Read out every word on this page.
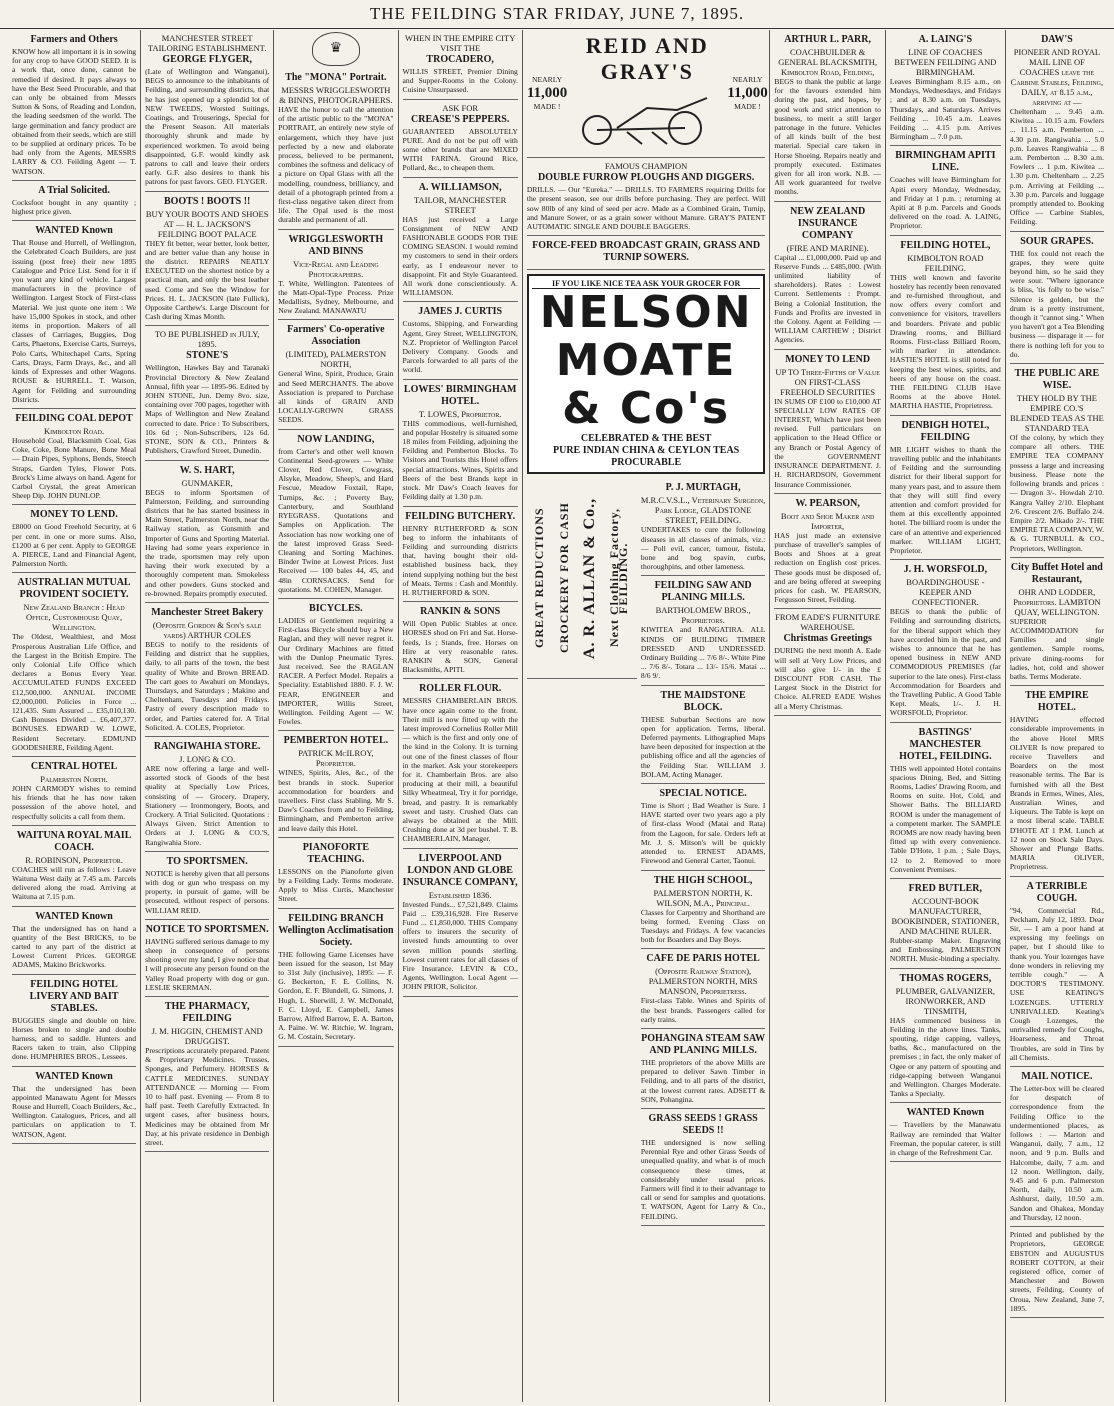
THE FEILDING STAR FRIDAY, JUNE 7, 1895.
Farmers and Others
KNOW how all important it is in sowing for any crop to have GOOD SEED. It is a work that, once done, cannot be remedied if desired. It pays always to have the Best Seed Procurable, and that can only be obtained from Messrs Sutton & Sons, of Reading and London, the leading seedsmen of the world. The large germination and fancy product are obtained from their seeds, which are still to be supplied at ordinary prices. To be had only from the Agents, MESSRS LARRY & CO. Feilding Agent — T. WATSON.
A Trial Solicited.
Cocksfoot bought in any quantity ; highest price given.
WANTED Known
That Rouse and Hurrell, of Wellington, the Celebrated Coach Builders, are just issuing (post free) their new 1895 Catalogue and Price List. Send for it if you want any kind of vehicle. Largest manufacturers in the province of Wellington. Largest Stock of First-class Material. We just quote one item : We have 15,000 Spokes in stock, and other items in proportion. Makers of all classes of Carriages, Buggies, Dog Carts, Phaetons, Exercise Carts, Surreys, Polo Carts, Whitechapel Carts, Spring Carts, Drays, Farm Drays, &c., and all kinds of Expresses and other Wagons. ROUSE & HURRELL. T. Watson, Agent for Feilding and surrounding Districts.
FEILDING COAL DEPOT
Kimbolton Road.
Household Coal, Blacksmith Coal, Gas Coke, Coke, Bone Manure, Bone Meal — Drain Pipes, Syphons, Bends, Steech Straps, Garden Tyles, Flower Pots. Brock's Lime always on hand. Agent for Carbol Crystal, the great American Sheep Dip. JOHN DUNLOP.
MONEY TO LEND.
£8000 on Good Freehold Security, at 6 per cent. in one or more sums. Also, £1200 at 6 per cent. Apply to GEORGE A. PIERCE, Land and Financial Agent, Palmerston North.
AUSTRALIAN MUTUAL PROVIDENT SOCIETY.
New Zealand Branch : Head Office, Customhouse Quay, Wellington.
The Oldest, Wealthiest, and Most Prosperous Australian Life Office, and the Largest in the British Empire. The only Colonial Life Office which declares a Bonus Every Year. ACCUMULATED FUNDS EXCEED £12,500,000. ANNUAL INCOME £2,000,000. Policies in Force ... 121,435. Sum Assured ... £35,010,130. Cash Bonuses Divided ... £6,407,377. BONUSES. EDWARD W. LOWE, Resident Secretary. EDMUND GOODESHERE, Feilding Agent.
CENTRAL HOTEL
Palmerston North.
JOHN CARMODY wishes to remind his friends that he has now taken possession of the above hotel, and respectfully solicits a call from them.
WAITUNA ROYAL MAIL COACH.
R. ROBINSON, Proprietor.
COACHES will run as follows : Leave Waituna West daily at 7.45 a.m. Parcels delivered along the road. Arriving at Waituna at 7.15 p.m.
WANTED Known
That the undersigned has on hand a quantity of the Best BRICKS, to be carted to any part of the district at Lowest Current Prices. GEORGE ADAMS, Makino Brickworks.
FEILDING HOTEL LIVERY AND BAIT STABLES.
BUGGIES single and double on hire. Horses broken to single and double harness, and to saddle. Hunters and Racers taken to train, also Clipping done. HUMPHRIES BROS., Lessees.
WANTED Known
That the undersigned has been appointed Manawatu Agent for Messrs Rouse and Hurrell, Coach Builders, &c., Wellington. Catalogues, Prices, and all particulars on application to T. WATSON, Agent.
MANCHESTER STREET TAILORING ESTABLISHMENT.
GEORGE FLYGER,
(Late of Wellington and Wanganui), BEGS to announce to the inhabitants of Feilding, and surrounding districts, that he has just opened up a splendid lot of NEW TWEEDS, Worsted Suitings, Coatings, and Trouserings, Special for the Present Season. All materials thoroughly shrunk and made by experienced workmen. To avoid being disappointed, G.F. would kindly ask patrons to call and leave their orders early. G.F. also desires to thank his patrons for past favors. GEO. FLYGER.
BOOTS ! BOOTS !!
BUY YOUR BOOTS AND SHOES AT — H. L. JACKSON'S FEILDING BOOT PALACE
THEY fit better, wear better, look better, and are better value than any house in the district. REPAIRS NEATLY EXECUTED on the shortest notice by a practical man, and only the best leather used. Come and See the Window for Prices. H. L. JACKSON (late Fullick), Opposite Carthew's. Large Discount for Cash during Xmas Month.
TO BE PUBLISHED in JULY, 1895.
STONE'S
Wellington, Hawkes Bay and Taranaki Provincial Directory & New Zealand Annual, fifth year — 1895-96. Edited by JOHN STONE, Jun. Demy 8vo. size, containing over 700 pages, together with Maps of Wellington and New Zealand corrected to date. Price : To Subscribers, 10s 6d ; Non-Subscribers, 12s 6d. STONE, SON & CO., Printers & Publishers, Crawford Street, Dunedin.
W. S. HART,
GUNMAKER,
BEGS to inform Sportsmen of Palmerston, Feilding, and surrounding districts that he has started business in Main Street, Palmerston North, near the Railway station, as Gunsmith and Importer of Guns and Sporting Material. Having had some years experience in the trade, sportsmen may rely upon having their work executed by a thoroughly competent man. Smokeless and other powders. Guns stocked and re-browned. Repairs promptly executed.
Manchester Street Bakery
(Opposite Gordon & Son's sale yards) ARTHUR COLES
BEGS to notify to the residents of Feilding and district that he supplies, daily, to all parts of the town, the best quality of White and Brown BREAD. The cart goes to Awahuri on Mondays, Thursdays, and Saturdays ; Makino and Cheltenham, Tuesdays and Fridays. Pastry of every description made to order, and Parties catered for. A Trial Solicited. A. COLES, Proprietor.
RANGIWAHIA STORE.
J. LONG & CO.
ARE now offering a large and well-assorted stock of Goods of the best quality at Specially Low Prices, consisting of — Grocery, Drapery, Stationery — Ironmongery, Boots, and Crockery. A Trial Solicited. Quotations : Always Given. Strict Attention to Orders at J. LONG & CO.'S, Rangiwahia Store.
TO SPORTSMEN.
NOTICE is hereby given that all persons with dog or gun who trespass on my property, in pursuit of game, will be prosecuted, without respect of persons. WILLIAM REID.
NOTICE TO SPORTSMEN.
HAVING suffered serious damage to my sheep in consequence of persons shooting over my land, I give notice that I will prosecute any person found on the Valley Road property with dog or gun. LESLIE SKERMAN.
THE PHARMACY, FEILDING
J. M. HIGGIN, CHEMIST AND DRUGGIST.
Prescriptions accurately prepared. Patent & Proprietary Medicines. Trusses, Sponges, and Perfumery. HORSES & CATTLE MEDICINES. SUNDAY ATTENDANCE — Morning — From 10 to half past. Evening — From 8 to half past. Teeth Carefully Extracted. In urgent cases, after business hours, Medicines may be obtained from Mr Day, at his private residence in Denbigh street.
♛
The "MONA" Portrait.
MESSRS WRIGGLESWORTH & BINNS, PHOTOGRAPHERS.
HAVE the honor to call the attention of the artistic public to the "MONA" PORTRAIT, an entirely new style of enlargement, which they have just perfected by a new and elaborate process, believed to be permanent, combines the softness and delicacy of a picture on Opal Glass with all the modelling, roundness, brilliancy, and detail of a photograph printed from a first-class negative taken direct from life. The Opal used is the most durable and permanent of all.
WRIGGLESWORTH AND BINNS
Vice-Regal and Leading Photographers.
T. White, Wellington. Patentees of the Matt-Opal-Type Process. Prize Medallists, Sydney, Melbourne, and New Zealand. MANAWATU
Farmers' Co-operative Association
(LIMITED), PALMERSTON NORTH,
General Wine, Spirit, Produce, Grain and Seed MERCHANTS. The above Association is prepared to Purchase all kinds of GRAIN AND LOCALLY-GROWN GRASS SEEDS.
NOW LANDING,
from Carter's and other well known Continental Seed-growers — White Clover, Red Clover, Cowgrass, Alsyke, Meadow, Sheep's, and Hard Fescue, Meadow Foxtail, Rape, Turnips, &c. ; Poverty Bay, Canterbury, and Southland RYEGRASS. Quotations and Samples on Application. The Association has now working one of the latest improved Grass Seed-Cleaning and Sorting Machines. Binder Twine at Lowest Prices. Just Received — 100 bales 44, 45, and 48in CORNSACKS. Send for quotations. M. COHEN, Manager.
BICYCLES.
LADIES or Gentlemen requiring a First-class Bicycle should buy a New Raglan, and they will never regret it. Our Ordinary Machines are fitted with the Dunlop Pneumatic Tyres. Just received. See the RAGLAN RACER. A Perfect Model. Repairs a Speciality. Established 1880. F. J. W. FEAR, ENGINEER and IMPORTER, Willis Street, Wellington. Feilding Agent — W. Fowles.
PEMBERTON HOTEL.
PATRICK McILROY, Proprietor.
WINES, Spirits, Ales, &c., of the best brands in stock. Superior accommodation for boarders and travellers. First class Stabling. Mr S. Daw's Coaches from and to Feilding, Birmingham, and Pemberton arrive and leave daily this Hotel.
PIANOFORTE TEACHING.
LESSONS on the Pianoforte given by a Feilding Lady. Terms moderate. Apply to Miss Curtis, Manchester Street.
FEILDING BRANCH Wellington Acclimatisation Society.
THE following Game Licenses have been issued for the season, 1st May to 31st July (inclusive), 1895: — F. G. Beckerton, F. E. Collins, N. Gordon, E. F. Blundell, G. Simons, J. Hugh, L. Sherwill, J. W. McDonald, F. C. Lloyd, E. Campbell, James Barrow, Alfred Barrow, E. A. Barton, A. Paine. W. W. Ritchie, W. Ingram, G. M. Costain, Secretary.
WHEN IN THE EMPIRE CITY VISIT THE
TROCADERO,
WILLIS STREET, Premier Dining and Supper-Rooms in the Colony. Cuisine Unsurpassed.
ASK FOR
CREASE'S PEPPERS.
GUARANTEED ABSOLUTELY PURE. And do not be put off with some other brands that are MIXED WITH FARINA. Ground Rice, Pollard, &c., to cheapen them.
A. WILLIAMSON,
TAILOR, MANCHESTER STREET
HAS just received a Large Consignment of NEW AND FASHIONABLE GOODS FOR THE COMING SEASON. I would remind my customers to send in their orders early, as I endeavour never to disappoint. Fit and Style Guaranteed. All work done conscientiously. A. WILLIAMSON.
JAMES J. CURTIS
Customs, Shipping, and Forwarding Agent, Grey Street, WELLINGTON, N.Z. Proprietor of Wellington Parcel Delivery Company. Goods and Parcels forwarded to all parts of the world.
LOWES' BIRMINGHAM HOTEL.
T. LOWES, Proprietor.
THIS commodious, well-furnished, and popular Hostelry is situated some 18 miles from Feilding, adjoining the Feilding and Pemberton Blocks. To Visitors and Tourists this Hotel offers special attractions. Wines, Spirits and Beers of the best Brands kept in stock. Mr Daw's Coach leaves for Feilding daily at 1.30 p.m.
FEILDING BUTCHERY.
HENRY RUTHERFORD & SON beg to inform the inhabitants of Feilding and surrounding districts that, having bought their old-established business back, they intend supplying nothing but the best of Meats. Terms : Cash and Monthly. H. RUTHERFORD & SON.
RANKIN & SONS
Will Open Public Stables at once. HORSES shod on Fri and Sat. Horse-feeds, 1s ; Stands, free. Horses on Hire at very reasonable rates. RANKIN & SON, General Blacksmiths, APITI.
ROLLER FLOUR.
MESSRS CHAMBERLAIN BROS. have once again come to the front. Their mill is now fitted up with the latest improved Cornelius Roller Mill — which is the first and only one of the kind in the Colony. It is turning out one of the finest classes of flour in the market. Ask your storekeepers for it. Chamberlain Bros. are also producing at their mill, a beautiful Silky Wheatmeal, Try it for porridge, bread, and pastry. It is remarkably sweet and tasty. Crushed Oats can always be obtained at the Mill. Crushing done at 3d per bushel. T. B. CHAMBERLAIN, Manager.
LIVERPOOL AND LONDON AND GLOBE INSURANCE COMPANY,
Established 1836.
Invested Funds... £7,521,849. Claims Paid ... £39,316,928. Fire Reserve Fund ... £1,850,000. THIS Company offers to insurers the security of invested funds amounting to over seven million pounds sterling. Lowest current rates for all classes of Fire Insurance. LEVIN & CO., Agents, Wellington. Local Agent — JOHN PRIOR, Solicitor.
NEARLY
11,000
MADE !
REID AND GRAY'S	NEARLY
11,000
MADE !
FAMOUS CHAMPION
DOUBLE FURROW PLOUGHS AND DIGGERS.
DRILLS. — Our "Eureka." — DRILLS. TO FARMERS requiring Drills for the present season, see our drills before purchasing. They are perfect. Will sow 80lb of any kind of seed per acre. Made as a Combined Grain, Turnip, and Manure Sower, or as a grain sower without Manure. GRAY'S PATENT AUTOMATIC SINGLE AND DOUBLE BAGGERS.
FORCE-FEED BROADCAST GRAIN, GRASS AND TURNIP SOWERS.
IF YOU LIKE NICE TEA ASK YOUR GROCER FOR
NELSON MOATE & Co's
CELEBRATED & THE BEST
PURE INDIAN CHINA & CEYLON TEAS PROCURABLE
GREAT REDUCTIONS CROCKERY FOR CASH A. R. ALLAN & Co., Next Clothing Factory, FEILDING.
P. J. MURTAGH,
M.R.C.V.S.L., Veterinary Surgeon, Park Lodge, GLADSTONE STREET, FEILDING.
UNDERTAKES to cure the following diseases in all classes of animals, viz.: — Poll evil, cancer, tumour, fistula, bone and bog spavin, curbs, thoroughpins, and other lameness.
FEILDING SAW AND PLANING MILLS.
BARTHOLOMEW BROS., Proprietors.
KIWITEA and RANGATIRA. ALL KINDS OF BUILDING TIMBER DRESSED AND UNDRESSED. Ordinary Building ... 7/6 8/-. White Pine ... 7/6 8/-. Totara ... 13/- 15/6. Matai ... 8/6 9/.
THE MAIDSTONE BLOCK.
THESE Suburban Sections are now open for application. Terms, liberal. Deferred payments. Lithographed Maps have been deposited for inspection at the publishing office and all the agencies of the Feilding Star. WILLIAM J. BOLAM, Acting Manager.
SPECIAL NOTICE.
Time is Short ; Bad Weather is Sure. I HAVE started over two years ago a ply of first-class Wood (Matai and Rata) from the Lagoon, for sale. Orders left at Mr. J. S. Mitson's will be quickly attended to. ERNEST ADAMS, Firewood and General Carter, Taonui.
THE HIGH SCHOOL,
PALMERSTON NORTH, K. WILSON, M.A., Principal.
Classes for Carpentry and Shorthand are being formed. Evening Class on Tuesdays and Fridays. A few vacancies both for Boarders and Day Boys.
CAFE DE PARIS HOTEL
(Opposite Railway Station), PALMERSTON NORTH, MRS MANSON, Proprietress.
First-class Table. Wines and Spirits of the best brands. Passengers called for early trains.
POHANGINA STEAM SAW AND PLANING MILLS.
THE proprietors of the above Mills are prepared to deliver Sawn Timber in Feilding, and to all parts of the district, at the lowest current rates. ADSETT & SON, Pohangina.
GRASS SEEDS ! GRASS SEEDS !!
THE undersigned is now selling Perennial Rye and other Grass Seeds of unequalled quality, and what is of much consequence these times, at considerably under usual prices. Farmers will find it to their advantage to call or send for samples and quotations. T. WATSON, Agent for Larry & Co., FEILDING.
ARTHUR L. PARR,
COACHBUILDER & GENERAL BLACKSMITH, Kimbolton Road, Feilding,
BEGS to thank the public at large for the favours extended him during the past, and hopes, by good work and strict attention to business, to merit a still larger patronage in the future. Vehicles of all kinds built of the best material. Special care taken in Horse Shoeing. Repairs neatly and promptly executed. Estimates given for all iron work. N.B. — All work guaranteed for twelve months.
NEW ZEALAND INSURANCE COMPANY
(FIRE AND MARINE).
Capital ... £1,000,000. Paid up and Reserve Funds ... £485,000. (With unlimited liability of shareholders). Rates : Lowest Current. Settlements : Prompt. Being a Colonial Institution, the Funds and Profits are invested in the Colony. Agent at Feilding — WILLIAM CARTHEW ; District Agencies.
MONEY TO LEND
UP TO Three-Fifths of Value ON FIRST-CLASS FREEHOLD SECURITIES
IN SUMS OF £100 to £10,000 AT SPECIALLY LOW RATES OF INTEREST, Which have just been revised. Full particulars on application to the Head Office or any Branch or Postal Agency of the GOVERNMENT INSURANCE DEPARTMENT. J. H. RICHARDSON, Government Insurance Commissioner.
W. PEARSON,
Boot and Shoe Maker and Importer,
HAS just made an extensive purchase of traveller's samples of Boots and Shoes at a great reduction on English cost prices. These goods must be disposed of, and are being offered at sweeping prices for cash. W. PEARSON, Fergusson Street, Feilding.
FROM EADE'S FURNITURE WAREHOUSE.
Christmas Greetings
DURING the next month A. Eade will sell at Very Low Prices, and will also give 1/- in the £ DISCOUNT FOR CASH. The Largest Stock in the District for Choice. ALFRED EADE Wishes all a Merry Christmas.
A. LAING'S
LINE OF COACHES BETWEEN FEILDING AND BIRMINGHAM.
Leaves Birmingham 8.15 a.m., on Mondays, Wednesdays, and Fridays ; and at 8.30 a.m. on Tuesdays, Thursdays, and Saturdays. Arrives Feilding ... 10.45 a.m. Leaves Feilding ... 4.15 p.m. Arrives Birmingham ... 7.0 p.m.
BIRMINGHAM APITI LINE.
Coaches will leave Birmingham for Apiti every Monday, Wednesday, and Friday at 1 p.m. ; returning at Apiti at 8 p.m. Parcels and Goods delivered on the road. A. LAING, Proprietor.
FEILDING HOTEL,
KIMBOLTON ROAD FEILDING.
THIS well known and favorite hostelry has recently been renovated and re-furnished throughout, and now offers every comfort and convenience for visitors, travellers and boarders. Private and public Drawing rooms, and Billiard Rooms. First-class Billiard Room, with marker in attendance. HASTIE'S HOTEL is still noted for keeping the best wines, spirits, and beers of any house on the coast. THE FEILDING CLUB Have Rooms at the above Hotel. MARTHA HASTIE, Proprietress.
DENBIGH HOTEL, FEILDING
MR LIGHT wishes to thank the travelling public and the inhabitants of Feilding and the surrounding district for their liberal support for many years past, and to assure them that they will still find every attention and comfort provided for them at this excellently appointed hotel. The billiard room is under the care of an attentive and experienced marker. WILLIAM LIGHT, Proprietor.
J. H. WORSFOLD,
BOARDINGHOUSE - KEEPER AND CONFECTIONER.
BEGS to thank the public of Feilding and surrounding districts, for the liberal support which they have accorded him in the past, and wishes to announce that he has opened business in NEW AND COMMODIOUS PREMISES (far superior to the late ones). First-class Accommodation for Boarders and the Travelling Public. A Good Table Kept. Meals, 1/-. J. H. WORSFOLD, Proprietor.
BASTINGS' MANCHESTER HOTEL, FEILDING.
THIS well appointed Hotel contains spacious Dining, Bed, and Sitting Rooms, Ladies' Drawing Room, and Rooms en suite. Hot, Cold, and Shower Baths. The BILLIARD ROOM is under the management of a competent marker. The SAMPLE ROOMS are now ready having been fitted up with every convenience. Table D'Hote, 1 p.m. ; Sale Days, 12 to 2. Removed to more Convenient Premises.
FRED BUTLER,
ACCOUNT-BOOK MANUFACTURER, BOOKBINDER, STATIONER, AND MACHINE RULER.
Rubber-stamp Maker. Engraving and Embossing, PALMERSTON NORTH. Music-binding a specialty.
THOMAS ROGERS,
PLUMBER, GALVANIZER, IRONWORKER, AND TINSMITH,
HAS commenced business in Feilding in the above lines. Tanks, spouting, ridge capping, valleys, baths, &c., manufactured on the premises ; in fact, the only maker of Ogee or any pattern of spouting and ridge-capping between Wanganui and Wellington. Charges Moderate. Tanks a Specialty.
WANTED Known
— Travellers by the Manawatu Railway are reminded that Walter Freeman, the popular caterer, is still in charge of the Refreshment Car.
DAW'S
PIONEER AND ROYAL MAIL LINE OF COACHES leave the Carbine Stables, Feilding, DAILY, at 8.15 a.m., arriving at —
Cheltenham ... 9.45 a.m. Kiwitea ... 10.15 a.m. Fowlers ... 11.15 a.m. Pemberton ... 4.30 p.m. Rangiwahia ... 5.0 p.m. Leaves Rangiwahia ... 8 a.m. Pemberton ... 8.30 a.m. Fowlers ... 1 p.m. Kiwitea ... 1.30 p.m. Cheltenham ... 2.25 p.m. Arriving at Feilding ... 3.30 p.m. Parcels and luggage promptly attended to. Booking Office — Carbine Stables, Feilding.
SOUR GRAPES.
THE fox could not reach the grapes, they were quite beyond him, so he said they were sour. "Where ignorance is bliss, 'tis folly to be wise." Silence is golden, but the drum is a pretty instrument, though it "cannot sing." When you haven't got a Tea Blending business — disparage it — for there is nothing left for you to do.
THE PUBLIC ARE WISE.
THEY HOLD BY THE EMPIRE CO.'S BLENDED TEAS AS THE STANDARD TEA
Of the colony, by which they compare all others. THE EMPIRE TEA COMPANY possess a large and increasing business. Please note the following brands and prices : — Dragon 3/-. Howdah 2/10. Kangra Valley 2/10. Elephant 2/6. Crescent 2/6. Buffalo 2/4. Empire 2/2. Mikado 2/-. THE EMPIRE TEA COMPANY, W. & G. TURNBULL & CO., Proprietors, Wellington.
City Buffet Hotel and Restaurant,
OHR AND LODDER, Proprietors. LAMBTON QUAY, WELLINGTON.
SUPERIOR ACCOMMODATION for Families and single gentlemen. Sample rooms, private dining-rooms for ladies, hot, cold and shower baths. Terms Moderate.
THE EMPIRE HOTEL.
HAVING effected considerable improvements in the above Hotel MRS OLIVER Is now prepared to receive Travellers and Boarders on the most reasonable terms. The Bar is furnished with all the Best Brands in Ermes, Wines, Ales, Australian Wines, and Liqueurs. The Table is kept on a most liberal scale. TABLE D'HOTE AT 1 P.M. Lunch at 12 noon on Stock Sale Days. Shower and Plunge Baths. MARIA OLIVER, Proprietress.
A TERRIBLE COUGH.
"94, Commercial Rd., Peckham, July 12, 1893. Dear Sir, — I am a poor hand at expressing my feelings on paper, but I should like to thank you. Your lozenges have done wonders in relieving my terrible cough." — A DOCTOR'S TESTIMONY. USE KEATING'S LOZENGES. UTTERLY UNRIVALLED. Keating's Cough Lozenges, the unrivalled remedy for Coughs, Hoarseness, and Throat Troubles, are sold in Tins by all Chemists.
MAIL NOTICE.
The Letter-box will be cleared for despatch of correspondence from the Feilding Office to the undermentioned places, as follows : — Marton and Wanganui, daily, 7 a.m., 12 noon, and 9 p.m. Bulls and Halcombe, daily, 7 a.m. and 12 noon. Wellington, daily, 9.45 and 6 p.m. Palmerston North, daily, 10.50 a.m. Ashhurst, daily, 10.50 a.m. Sandon and Ohakea, Monday and Thursday, 12 noon.
Printed and published by the Proprietors, GEORGE EBSTON and AUGUSTUS ROBERT COTTON, at their registered office, corner of Manchester and Bowen streets, Feilding, County of Oroua, New Zealand, June 7, 1895.
